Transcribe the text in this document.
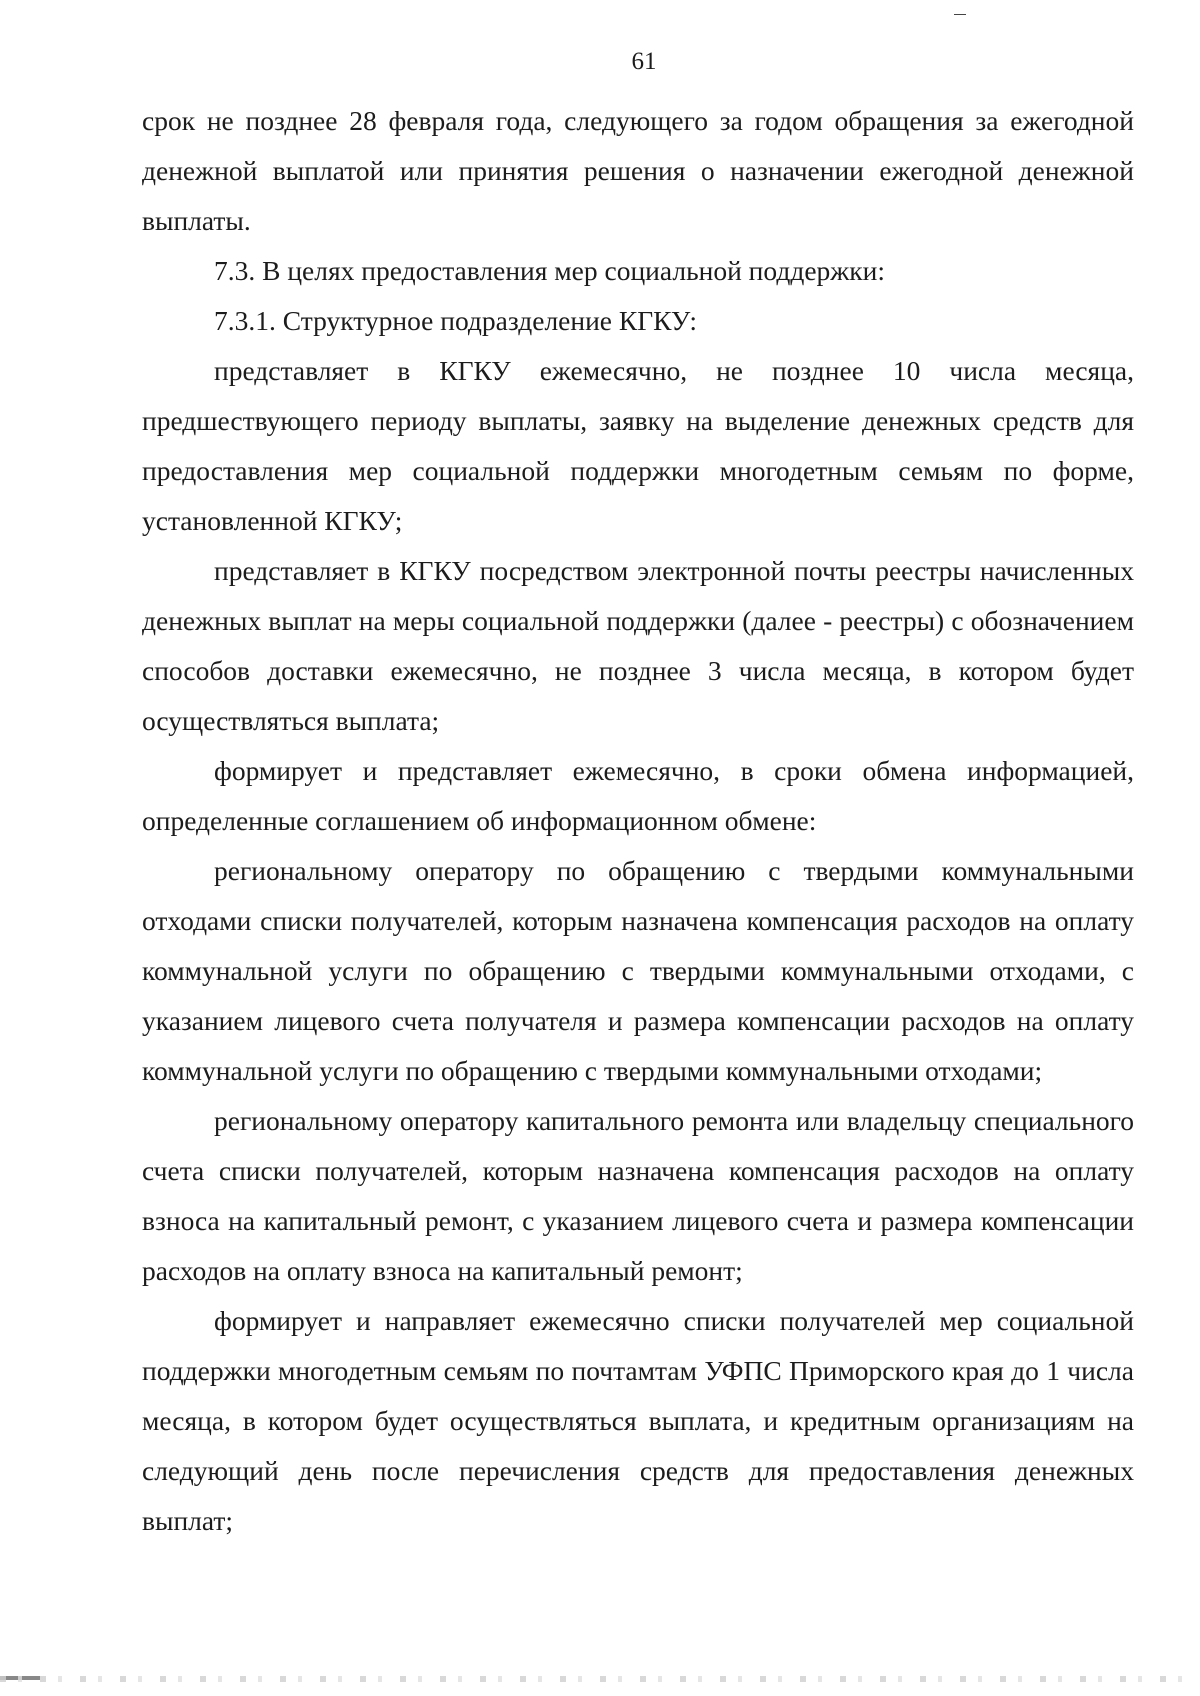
61

срок не позднее 28 февраля года, следующего за годом обращения за ежегодной денежной выплатой или принятия решения о назначении ежегодной денежной выплаты.

7.3. В целях предоставления мер социальной поддержки:

7.3.1. Структурное подразделение КГКУ:

представляет в КГКУ ежемесячно, не позднее 10 числа месяца, предшествующего периоду выплаты, заявку на выделение денежных средств для предоставления мер социальной поддержки многодетным семьям по форме, установленной КГКУ;

представляет в КГКУ посредством электронной почты реестры начисленных денежных выплат на меры социальной поддержки (далее - реестры) с обозначением способов доставки ежемесячно, не позднее 3 числа месяца, в котором будет осуществляться выплата;

формирует и представляет ежемесячно, в сроки обмена информацией, определенные соглашением об информационном обмене:

региональному оператору по обращению с твердыми коммунальными отходами списки получателей, которым назначена компенсация расходов на оплату коммунальной услуги по обращению с твердыми коммунальными отходами, с указанием лицевого счета получателя и размера компенсации расходов на оплату коммунальной услуги по обращению с твердыми коммунальными отходами;

региональному оператору капитального ремонта или владельцу специального счета списки получателей, которым назначена компенсация расходов на оплату взноса на капитальный ремонт, с указанием лицевого счета и размера компенсации расходов на оплату взноса на капитальный ремонт;

формирует и направляет ежемесячно списки получателей мер социальной поддержки многодетным семьям по почтамтам УФПС Приморского края до 1 числа месяца, в котором будет осуществляться выплата, и кредитным организациям на следующий день после перечисления средств для предоставления денежных выплат;
